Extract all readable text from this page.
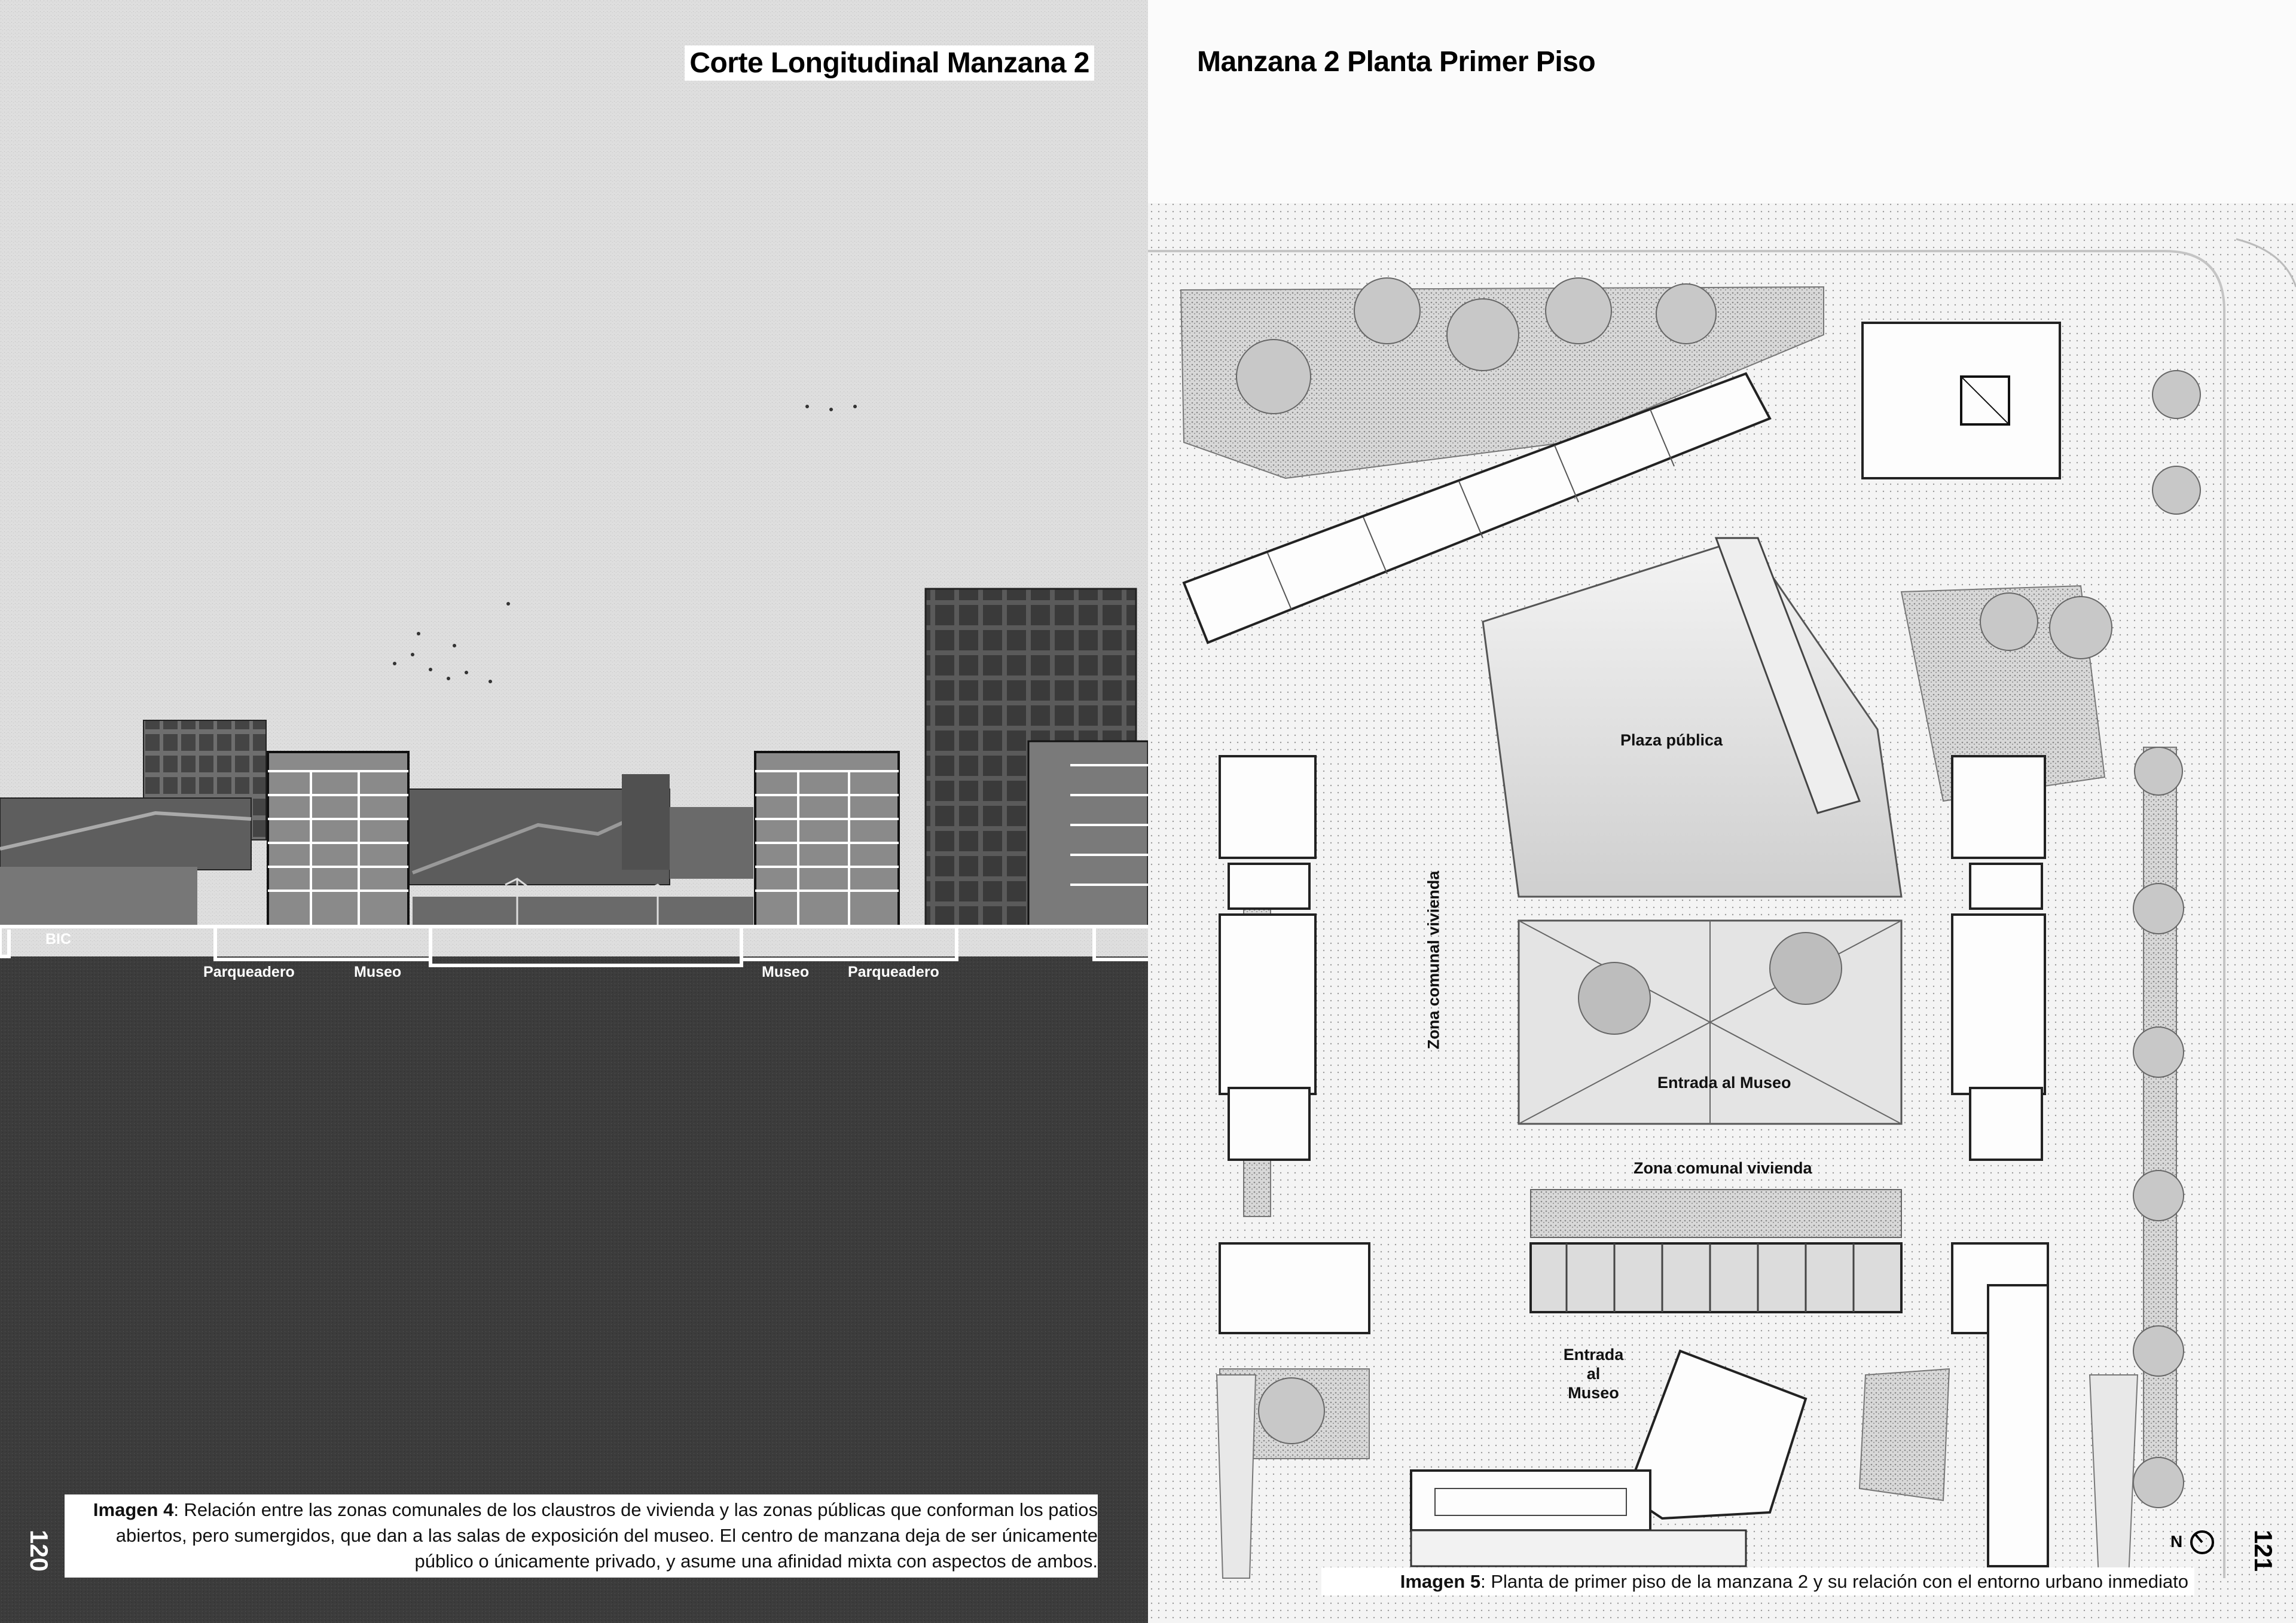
Corte Longitudinal Manzana 2
BIC
Parqueadero	Museo	Museo	Parqueadero
Imagen 4: Relación entre las zonas comunales de los claustros de vivienda y las zonas públicas que conforman los patios abiertos, pero sumergidos, que dan a las salas de exposición del museo. El centro de manzana deja de ser únicamente público o únicamente privado, y asume una afinidad mixta con aspectos de ambos.
120
Manzana 2 Planta Primer Piso
Plaza pública
Zona comunal vivienda
Entrada al Museo
Zona comunal vivienda
Entrada
al
Museo
N
Imagen 5: Planta de primer piso de la manzana 2 y su relación con el entorno urbano inmediato
121
